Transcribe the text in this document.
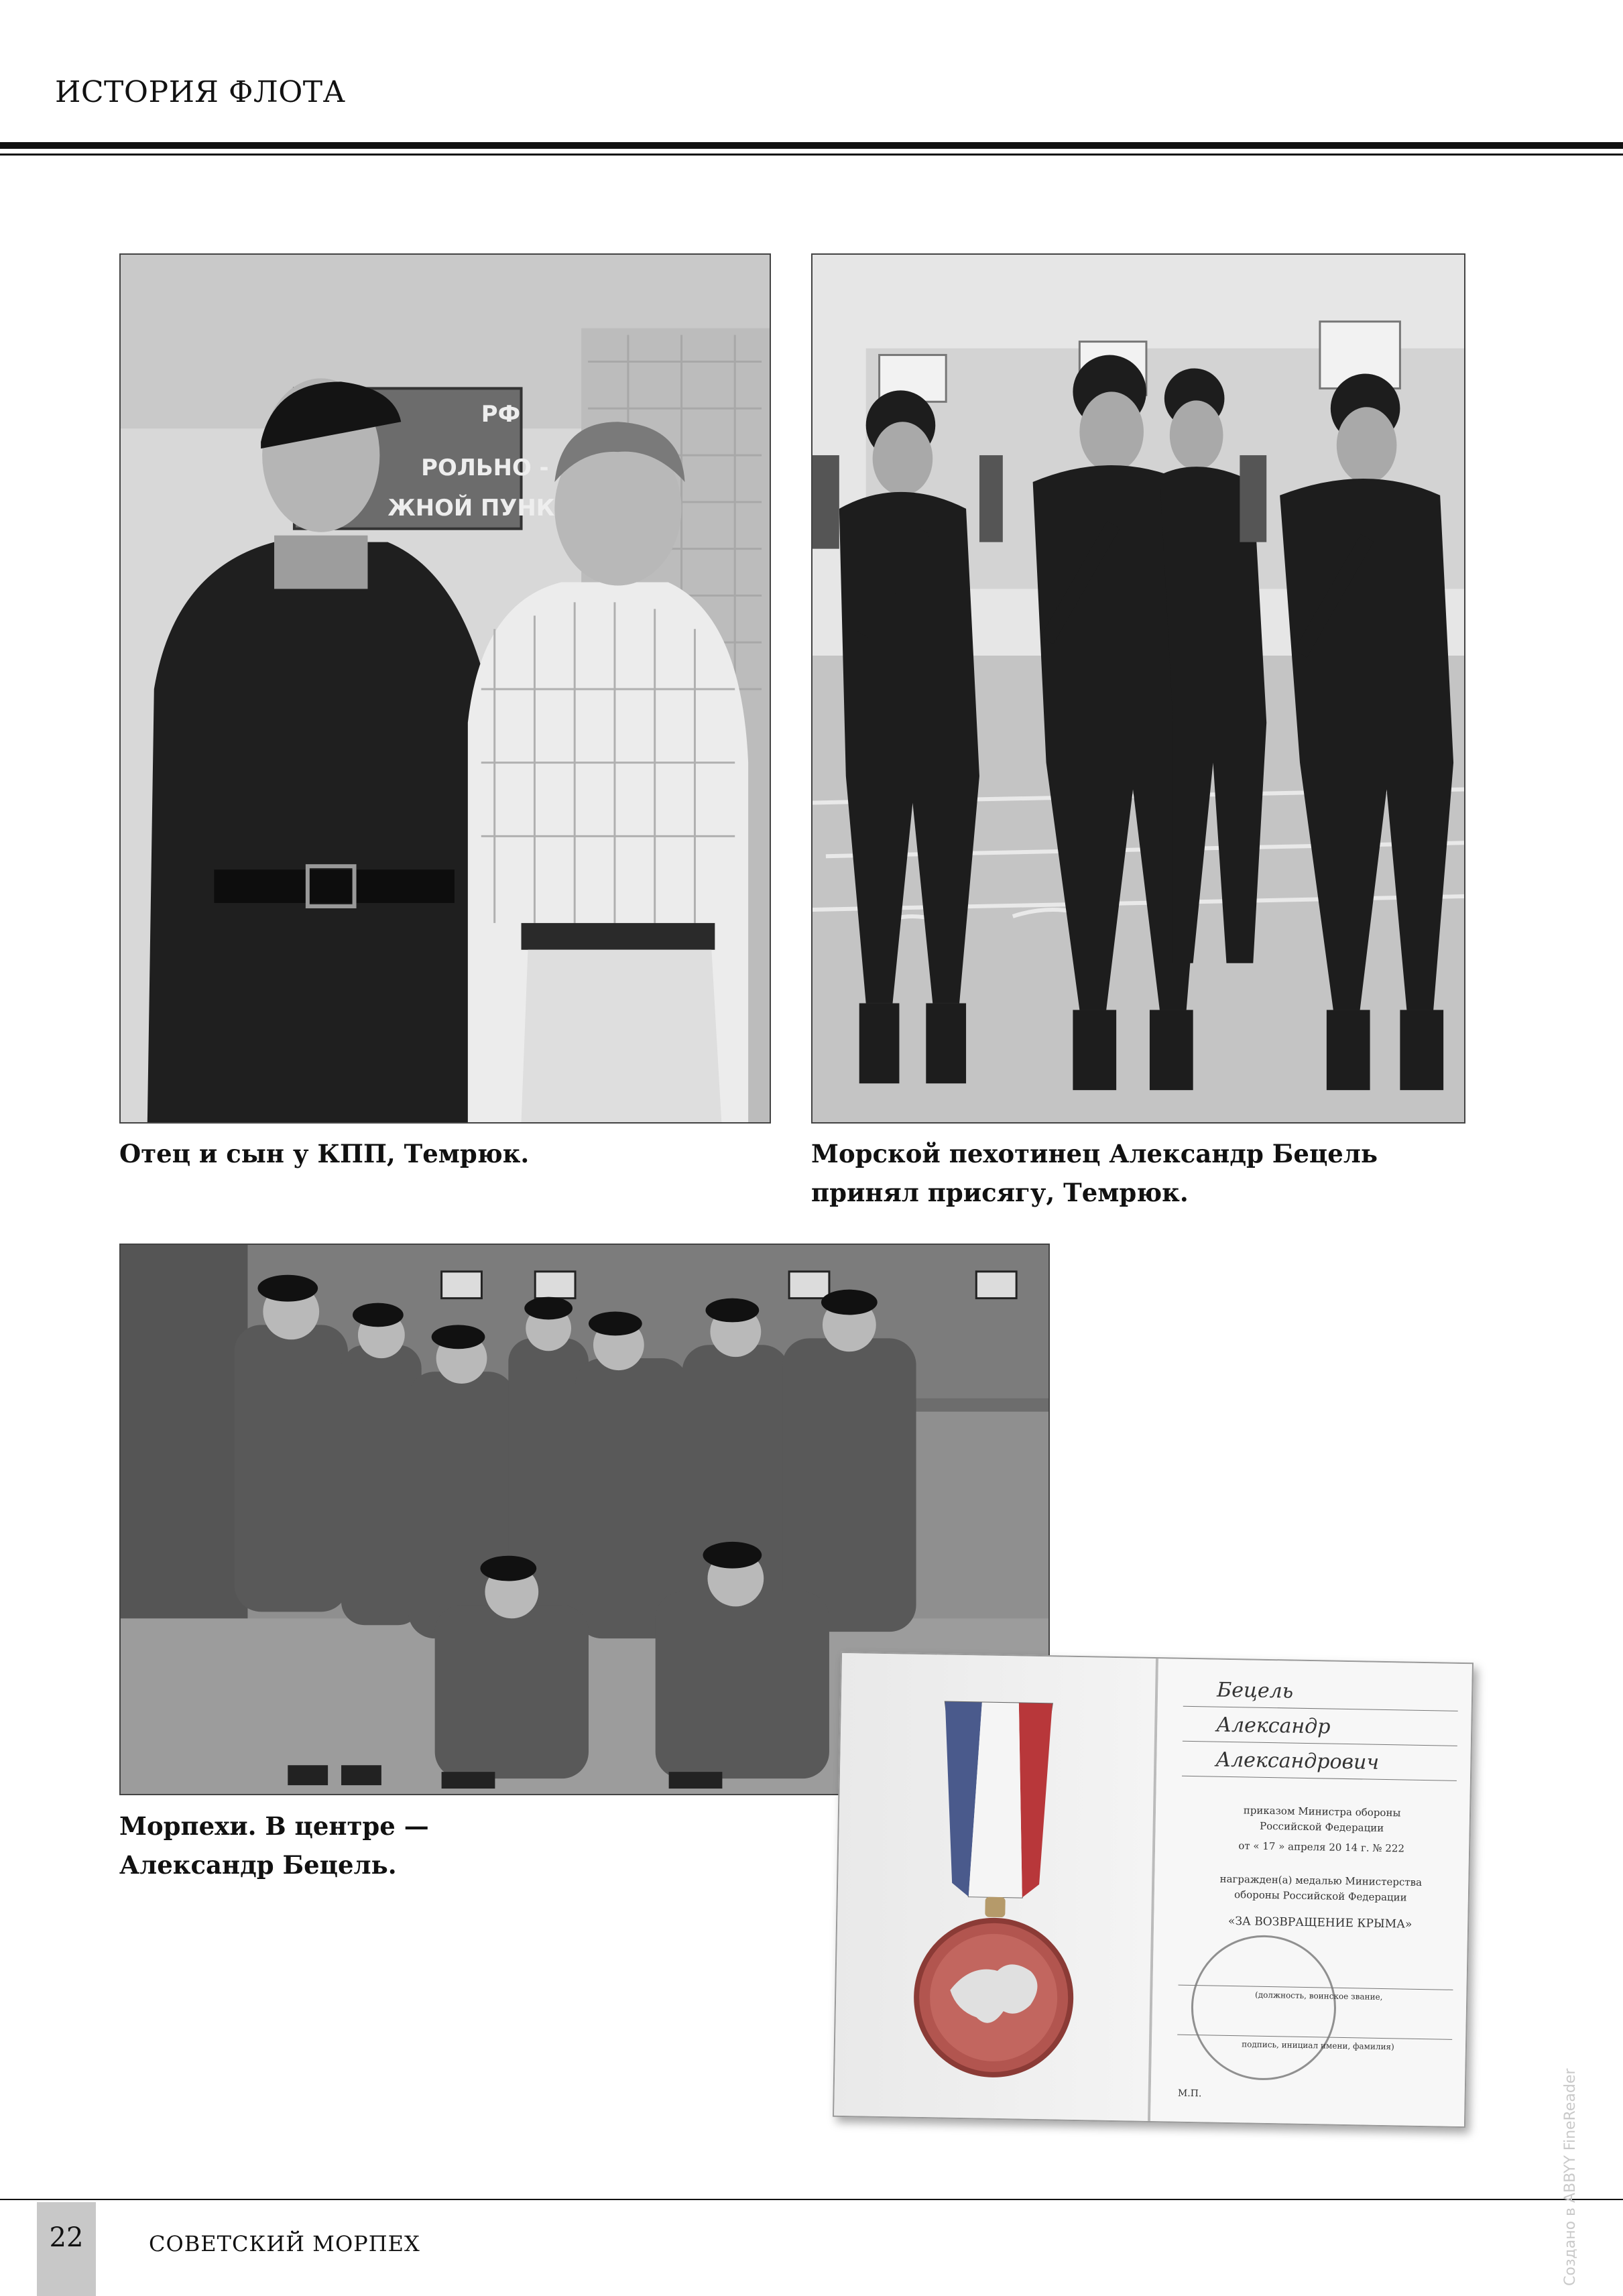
ИСТОРИЯ ФЛОТА
РФ
РОЛЬНО -
ЖНОЙ ПУНК
Отец и сын у КПП, Темрюк.	Морской пехотинец Александр Бецель
принял присягу, Темрюк.
Морпехи. В центре —
Александр Бецель.
Бецель
Александр
Александрович
приказом Министра обороны
Российской Федерации
от « 17 » апреля 20 14 г. № 222
награжден(а) медалью Министерства
обороны Российской Федерации
«ЗА ВОЗВРАЩЕНИЕ КРЫМА»
(должность, воинское звание,
подпись, инициал имени, фамилия)
М.П.
22	СОВЕТСКИЙ МОРПЕХ	Создано в ABBYY FineReader
